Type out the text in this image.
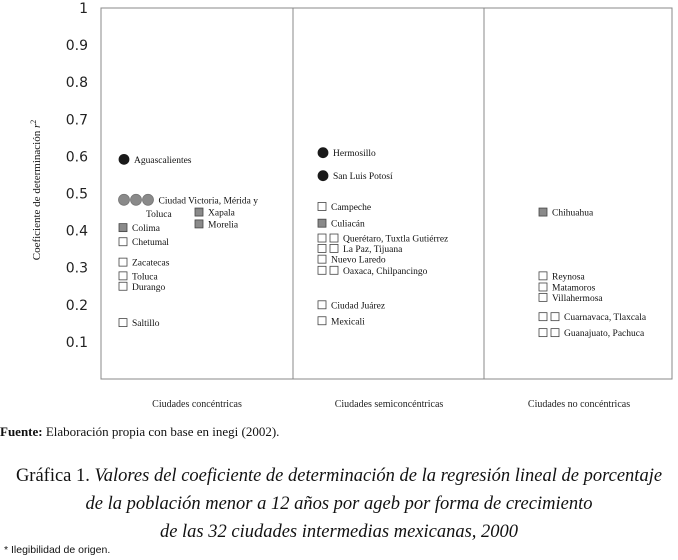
0.1
0.2
0.3
0.4
0.5
0.6
0.7
0.8
0.9
1
Ciudades concéntricas	Ciudades semiconcéntricas	Ciudades no concéntricas
Aguascalientes
Ciudad Victoria, Mérida y
Toluca	Xapala
Morelia
Colima
Chetumal
Zacatecas
Toluca
Durango
Saltillo
Hermosillo
San Luis Potosí
Campeche
Culiacán
Querétaro, Tuxtla Gutiérrez
La Paz, Tijuana
Nuevo Laredo
Oaxaca, Chilpancingo
Ciudad Juárez
Mexicali
Chihuahua
Reynosa
Matamoros
Villahermosa
Cuarnavaca, Tlaxcala
Guanajuato, Pachuca
Coeficiente de determinación $r^2$
Fuente: Elaboración propia con base en inegi (2002).
Gráfica 1. Valores del coeficiente de determinación de la regresión lineal de porcentaje
de la población menor a 12 años por ageb por forma de crecimiento
de las 32 ciudades intermedias mexicanas, 2000
* Ilegibilidad de origen.
